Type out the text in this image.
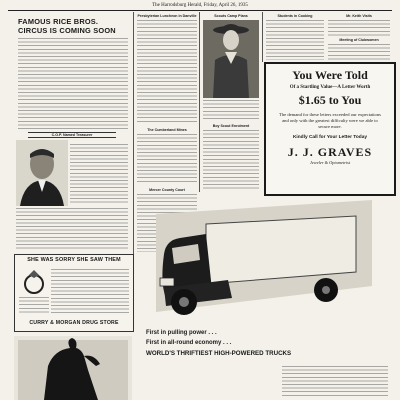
The Harrodsburg Herald, Friday, April 26, 1935
FAMOUS RICE BROS.
CIRCUS IS COMING SOON
C.O.P. Named Treasurer
Presbyterian Luncheon in Danville
The Cumberland Mines
Mercer County Court
Scouts Camp Plans
Boy Scout Enrolment
Students in Cooking	Mr. Keith Visits
Meeting of Clubwomen
You Were Told
Of a Startling Value—A Letter Worth
$1.65 to You
The demand for these letters exceeded our expectations and only with the greatest difficulty were we able to secure more.
Kindly Call for Your Letter Today
J. J. GRAVES
Jeweler & Optometrist
SHE WAS SORRY SHE SAW THEM
CURRY & MORGAN DRUG STORE
First in pulling power . . .
First in all-round economy . . .
WORLD'S THRIFTIEST HIGH-POWERED TRUCKS
